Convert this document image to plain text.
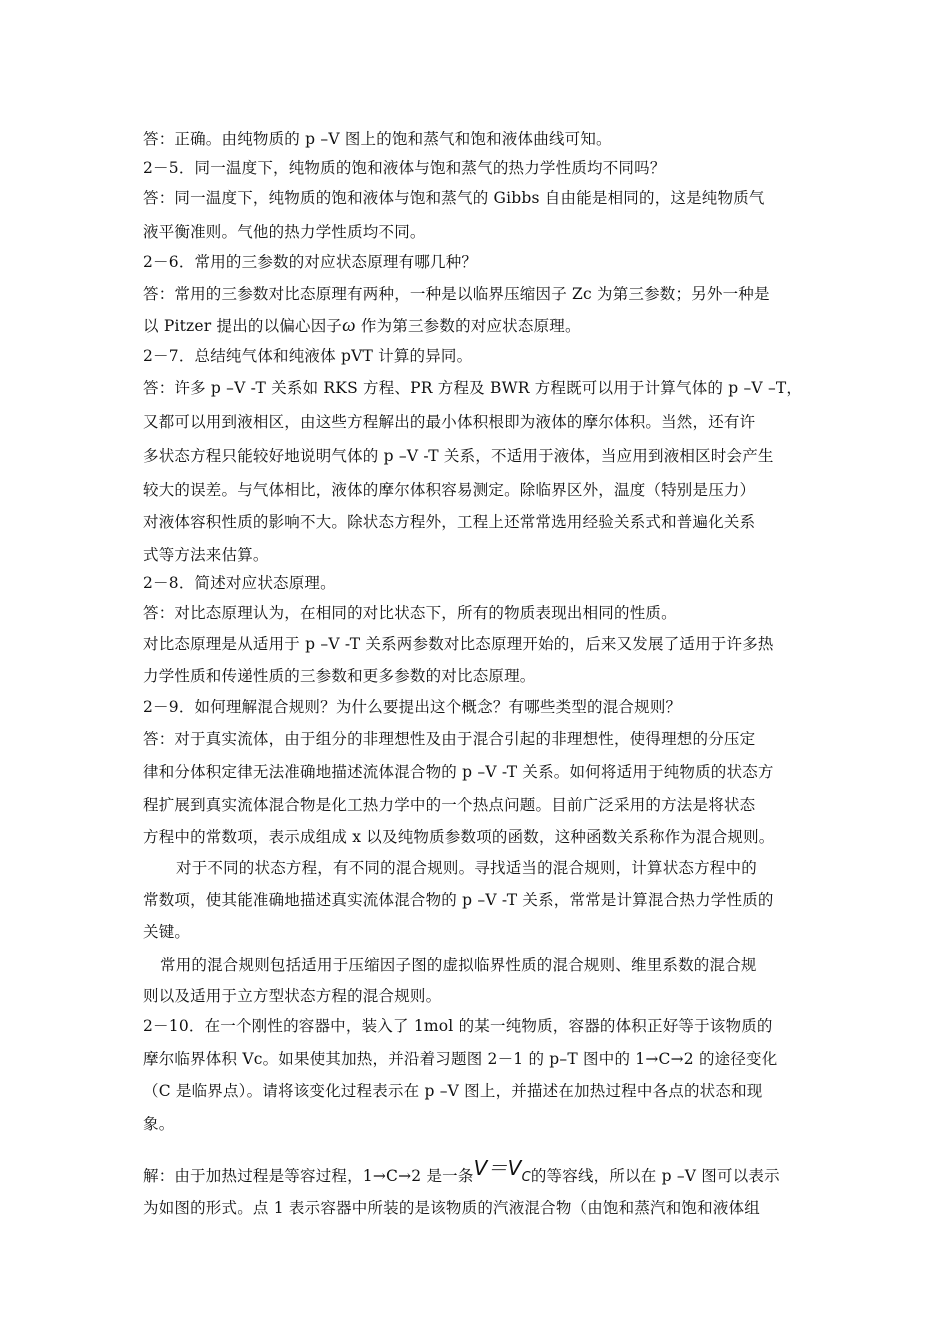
答：正确。由纯物质的 p –V 图上的饱和蒸气和饱和液体曲线可知。
2－5．同一温度下，纯物质的饱和液体与饱和蒸气的热力学性质均不同吗？
答：同一温度下，纯物质的饱和液体与饱和蒸气的 Gibbs 自由能是相同的，这是纯物质气
液平衡准则。气他的热力学性质均不同。
2－6．常用的三参数的对应状态原理有哪几种？
答：常用的三参数对比态原理有两种，一种是以临界压缩因子 Zc 为第三参数；另外一种是
以 Pitzer 提出的以偏心因子ω 作为第三参数的对应状态原理。
2－7．总结纯气体和纯液体 pVT 计算的异同。
答：许多 p –V -T 关系如 RKS 方程、PR 方程及 BWR 方程既可以用于计算气体的 p –V –T，
又都可以用到液相区，由这些方程解出的最小体积根即为液体的摩尔体积。当然，还有许
多状态方程只能较好地说明气体的 p –V -T 关系，不适用于液体，当应用到液相区时会产生
较大的误差。与气体相比，液体的摩尔体积容易测定。除临界区外，温度（特别是压力）
对液体容积性质的影响不大。除状态方程外，工程上还常常选用经验关系式和普遍化关系
式等方法来估算。
2－8．简述对应状态原理。
答：对比态原理认为，在相同的对比状态下，所有的物质表现出相同的性质。
对比态原理是从适用于 p –V -T 关系两参数对比态原理开始的，后来又发展了适用于许多热
力学性质和传递性质的三参数和更多参数的对比态原理。
2－9．如何理解混合规则？为什么要提出这个概念？有哪些类型的混合规则？
答：对于真实流体，由于组分的非理想性及由于混合引起的非理想性，使得理想的分压定
律和分体积定律无法准确地描述流体混合物的 p –V -T 关系。如何将适用于纯物质的状态方
程扩展到真实流体混合物是化工热力学中的一个热点问题。目前广泛采用的方法是将状态
方程中的常数项，表示成组成 x 以及纯物质参数项的函数，这种函数关系称作为混合规则。
对于不同的状态方程，有不同的混合规则。寻找适当的混合规则，计算状态方程中的
常数项，使其能准确地描述真实流体混合物的 p –V -T 关系，常常是计算混合热力学性质的
关键。
常用的混合规则包括适用于压缩因子图的虚拟临界性质的混合规则、维里系数的混合规
则以及适用于立方型状态方程的混合规则。
2－10．在一个刚性的容器中，装入了 1mol 的某一纯物质，容器的体积正好等于该物质的
摩尔临界体积 Vc。如果使其加热，并沿着习题图 2－1 的 p–T 图中的 1→C→2 的途径变化
（C 是临界点）。请将该变化过程表示在 p –V 图上，并描述在加热过程中各点的状态和现
象。
解：由于加热过程是等容过程，1→C→2 是一条$V=V_C$的等容线，所以在 p –V 图可以表示
为如图的形式。点 1 表示容器中所装的是该物质的汽液混合物（由饱和蒸汽和饱和液体组
